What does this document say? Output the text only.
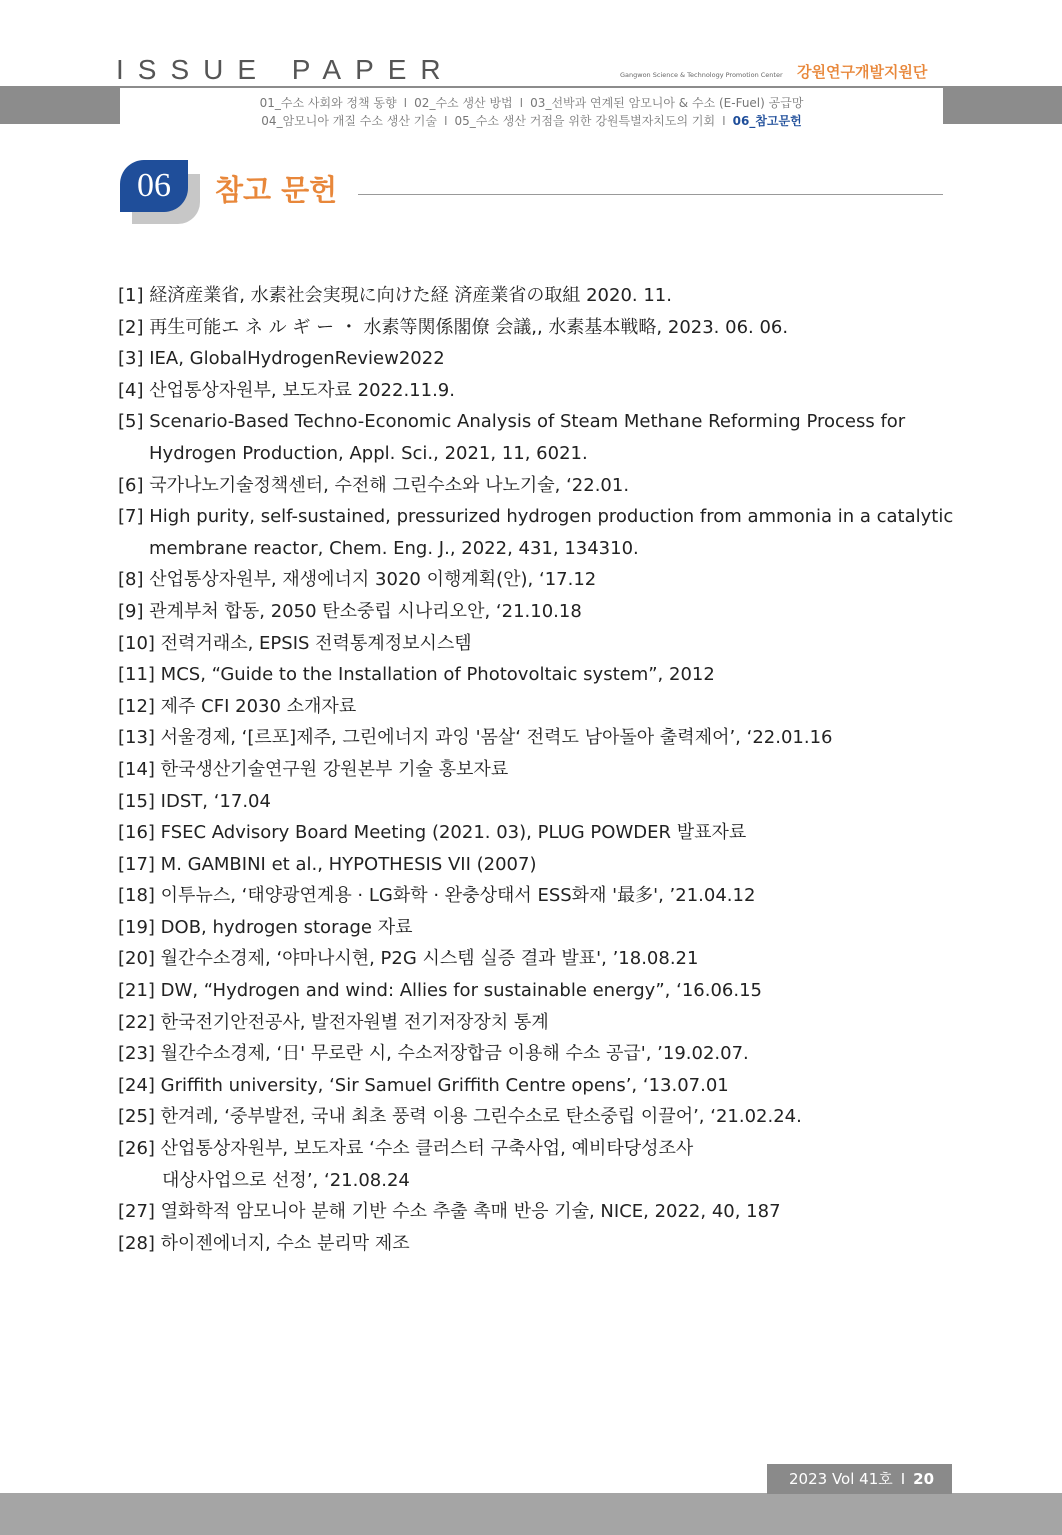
ISSUE PAPER	Gangwon Science & Technology Promotion Center 강원연구개발지원단
01_수소 사회와 정책 동향 I 02_수소 생산 방법 I 03_선박과 연계된 암모니아 & 수소 (E-Fuel) 공급망
04_암모니아 개질 수소 생산 기술 I 05_수소 생산 거점을 위한 강원특별자치도의 기회 I 06_참고문헌
06	참고 문헌
[1] 経済産業省, 水素社会実現に向けた経 済産業省の取組 2020. 11.
[2] 再生可能エ ネ ル ギ ー ・ 水素等関係閣僚 会議,, 水素基本戦略, 2023. 06. 06.
[3] IEA, GlobalHydrogenReview2022
[4] 산업통상자원부, 보도자료 2022.11.9.
[5] Scenario-Based Techno-Economic Analysis of Steam Methane Reforming Process for
Hydrogen Production, Appl. Sci., 2021, 11, 6021.
[6] 국가나노기술정책센터, 수전해 그린수소와 나노기술, ‘22.01.
[7] High purity, self-sustained, pressurized hydrogen production from ammonia in a catalytic
membrane reactor, Chem. Eng. J., 2022, 431, 134310.
[8] 산업통상자원부, 재생에너지 3020 이행계획(안), ‘17.12
[9] 관계부처 합동, 2050 탄소중립 시나리오안, ‘21.10.18
[10] 전력거래소, EPSIS 전력통계정보시스템
[11] MCS, “Guide to the Installation of Photovoltaic system”, 2012
[12] 제주 CFI 2030 소개자료
[13] 서울경제, ‘[르포]제주, 그린에너지 과잉 '몸살‘ 전력도 남아돌아 출력제어’, ‘22.01.16
[14] 한국생산기술연구원 강원본부 기술 홍보자료
[15] IDST, ‘17.04
[16] FSEC Advisory Board Meeting (2021. 03), PLUG POWDER 발표자료
[17] M. GAMBINI et al., HYPOTHESIS VII (2007)
[18] 이투뉴스, ‘태양광연계용 · LG화학 · 완충상태서 ESS화재 '最多', ’21.04.12
[19] DOB, hydrogen storage 자료
[20] 월간수소경제, ‘야마나시현, P2G 시스템 실증 결과 발표', ’18.08.21
[21] DW, “Hydrogen and wind: Allies for sustainable energy”, ‘16.06.15
[22] 한국전기안전공사, 발전자원별 전기저장장치 통계
[23] 월간수소경제, ‘日' 무로란 시, 수소저장합금 이용해 수소 공급', ’19.02.07.
[24] Griffith university, ‘Sir Samuel Griffith Centre opens’, ‘13.07.01
[25] 한겨레, ‘중부발전, 국내 최초 풍력 이용 그린수소로 탄소중립 이끌어’, ‘21.02.24.
[26] 산업통상자원부, 보도자료 ‘수소 클러스터 구축사업, 예비타당성조사
대상사업으로 선정’, ‘21.08.24
[27] 열화학적 암모니아 분해 기반 수소 추출 촉매 반응 기술, NICE, 2022, 40, 187
[28] 하이젠에너지, 수소 분리막 제조
2023 Vol 41호 I 20
